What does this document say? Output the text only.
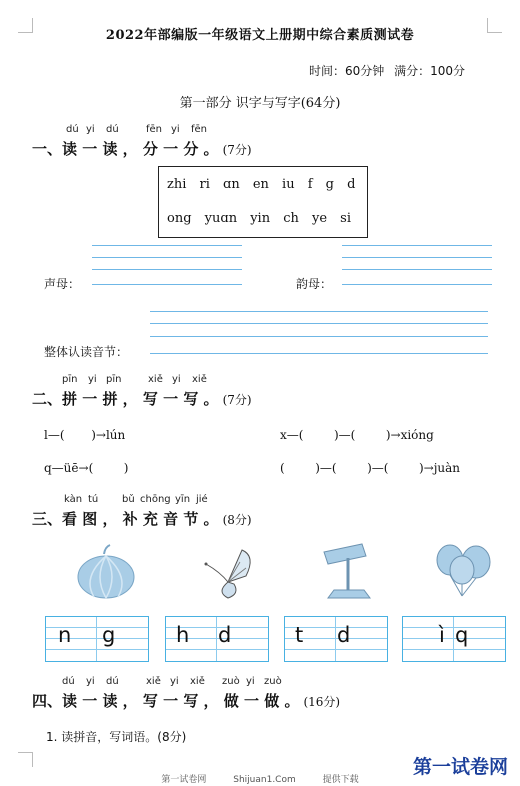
2022年部编版一年级语文上册期中综合素质测试卷
时间：60分钟 满分：100分
第一部分 识字与写字(64分)
dú yi dú	fēn yi fēn
一、读 一 读 ， 分 一 分 。 (7分)
zhi ri ɑn en iu f g d
ong yuɑn yin ch ye si
声母：	韵母：
整体认读音节：
pīn yi pīn	xiě yi xiě
二、拼 一 拼 ， 写 一 写 。 (7分)
l—(       )→lún	x—(        )—(        )→xióng
q—üē→(        )	(        )—(        )—(        )→juàn
kàn tú bǔ chōng yīn jié
三、看 图 ， 补 充 音 节 。 (8分)
n g	h d	t d	ì q
dú yi dú	xiě yi xiě zuò yi zuò
四、读 一 读 ， 写 一 写 ， 做 一 做 。 (16分)
1. 读拼音，写词语。(8分)
第一试卷网	Shijuan1.Com	提供下载
第一试卷网
